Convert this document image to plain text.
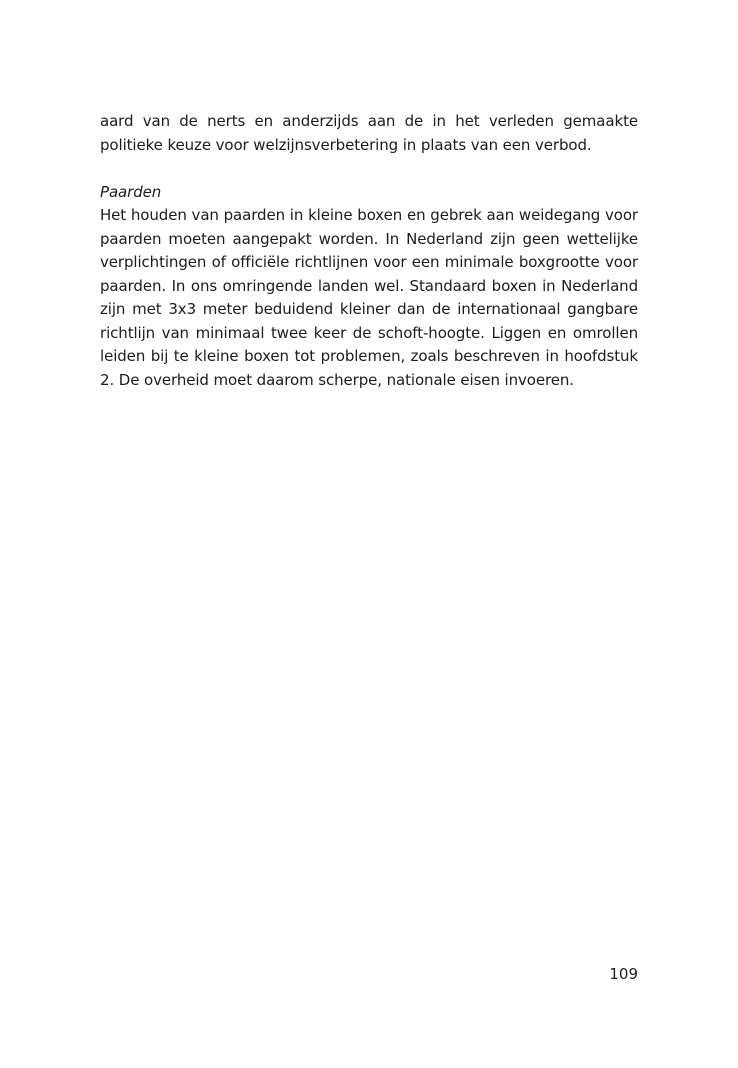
aard van de nerts en anderzijds aan de in het verleden gemaakte politieke keuze voor welzijnsverbetering in plaats van een verbod.

Paarden

Het houden van paarden in kleine boxen en gebrek aan weidegang voor paarden moeten aangepakt worden. In Nederland zijn geen wettelijke verplichtingen of officiële richtlijnen voor een minimale boxgrootte voor paarden. In ons omringende landen wel. Standaard boxen in Nederland zijn met 3x3 meter beduidend kleiner dan de internationaal gangbare richtlijn van minimaal twee keer de schoft-hoogte. Liggen en omrollen leiden bij te kleine boxen tot problemen, zoals beschreven in hoofdstuk 2. De overheid moet daarom scherpe, nationale eisen invoeren.

109
